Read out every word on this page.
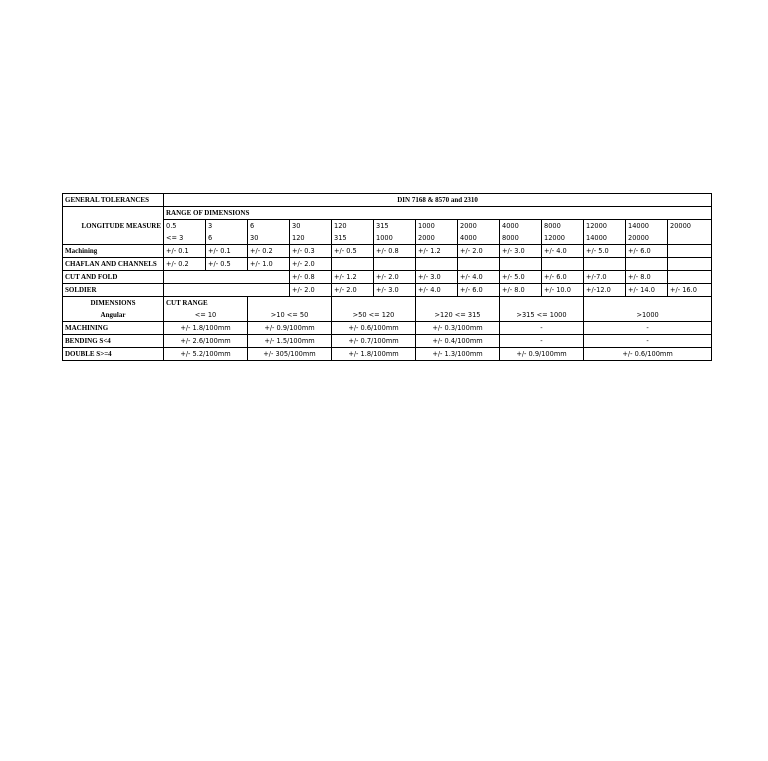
GENERAL TOLERANCES	DIN 7168 & 8570 and 2310												
	RANGE OF DIMENSIONS												
LONGITUDE MEASURE	0.5	3	6	30	120	315	1000	2000	4000	8000	12000	14000	20000
	<= 3	6	30	120	315	1000	2000	4000	8000	12000	14000	20000	
Machining	+/- 0.1	+/- 0.1	+/- 0.2	+/- 0.3	+/- 0.5	+/- 0.8	+/- 1.2	+/- 2.0	+/- 3.0	+/- 4.0	+/- 5.0	+/- 6.0	
CHAFLAN AND CHANNELS	+/- 0.2	+/- 0.5	+/- 1.0	+/- 2.0									
CUT AND FOLD				+/- 0.8	+/- 1.2	+/- 2.0	+/- 3.0	+/- 4.0	+/- 5.0	+/- 6.0	+/-7.0	+/- 8.0	
SOLDIER				+/- 2.0	+/- 2.0	+/- 3.0	+/- 4.0	+/- 6.0	+/- 8.0	+/- 10.0	+/-12.0	+/- 14.0	+/- 16.0
DIMENSIONS	CUT RANGE												
Angular	<= 10		>10 <= 50		>50 <= 120		>120 <= 315		>315 <= 1000		>1000		
MACHINING	+/- 1.8/100mm		+/- 0.9/100mm		+/- 0.6/100mm		+/- 0.3/100mm		-		-		
BENDING S<4	+/- 2.6/100mm		+/- 1.5/100mm		+/- 0.7/100mm		+/- 0.4/100mm		-		-		
DOUBLE S>=4	+/- 5.2/100mm		+/- 305/100mm		+/- 1.8/100mm		+/- 1.3/100mm		+/- 0.9/100mm		+/- 0.6/100mm		
